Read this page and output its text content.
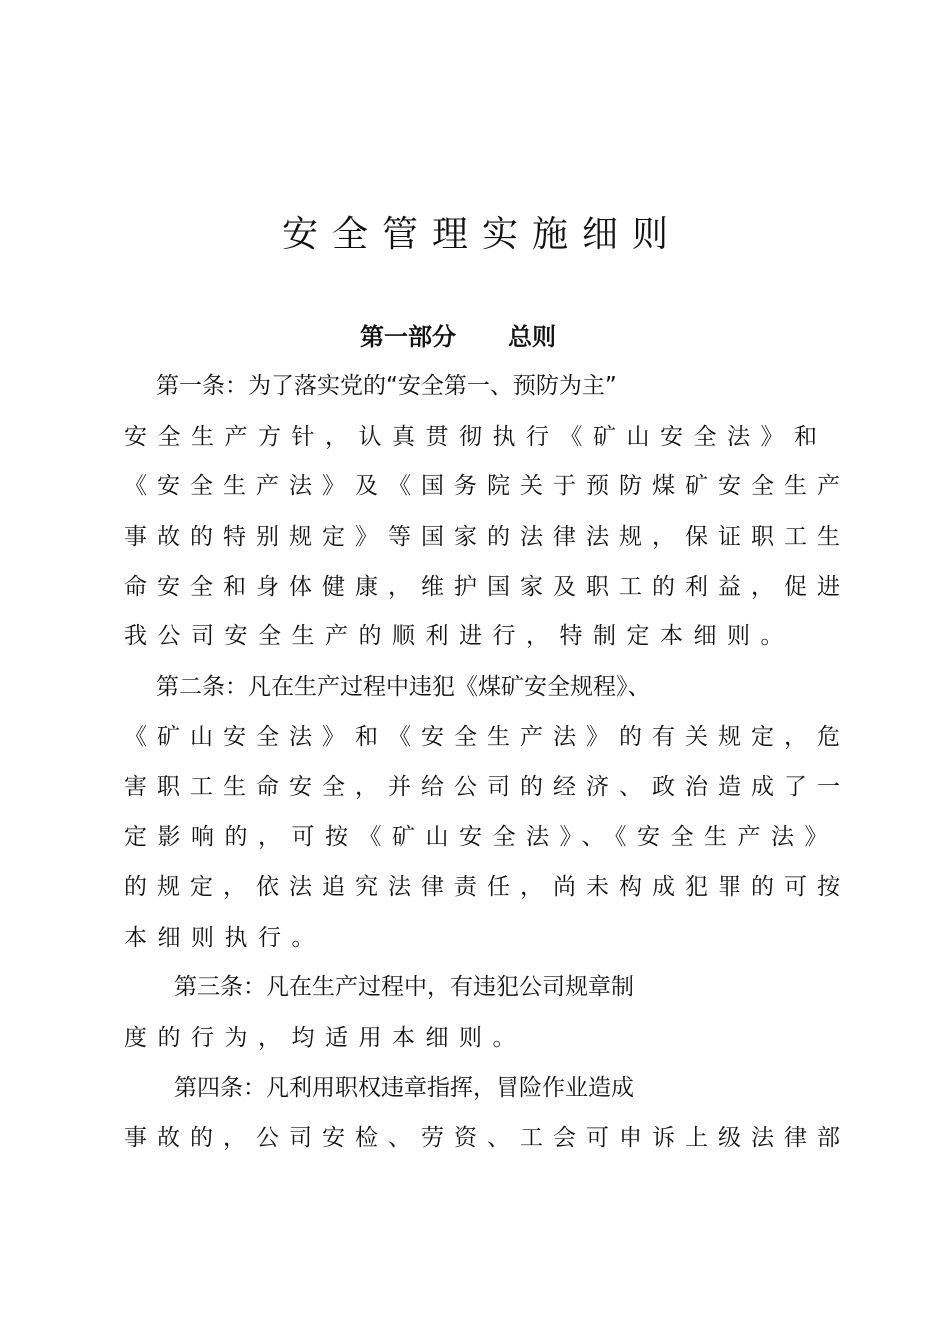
安全管理实施细则
第一部分 总则
第一条：为了落实党的“安全第一、预防为主”
安全生产方针，认真贯彻执行《矿山安全法》和
《安全生产法》及《国务院关于预防煤矿安全生产
事故的特别规定》等国家的法律法规，保证职工生
命安全和身体健康，维护国家及职工的利益，促进
我公司安全生产的顺利进行，特制定本细则。
第二条：凡在生产过程中违犯《煤矿安全规程》、
《矿山安全法》和《安全生产法》的有关规定，危
害职工生命安全，并给公司的经济、政治造成了一
定影响的，可按《矿山安全法》、《安全生产法》
的规定，依法追究法律责任，尚未构成犯罪的可按
本细则执行。
第三条：凡在生产过程中，有违犯公司规章制
度的行为，均适用本细则。
第四条：凡利用职权违章指挥，冒险作业造成
事故的，公司安检、劳资、工会可申诉上级法律部
